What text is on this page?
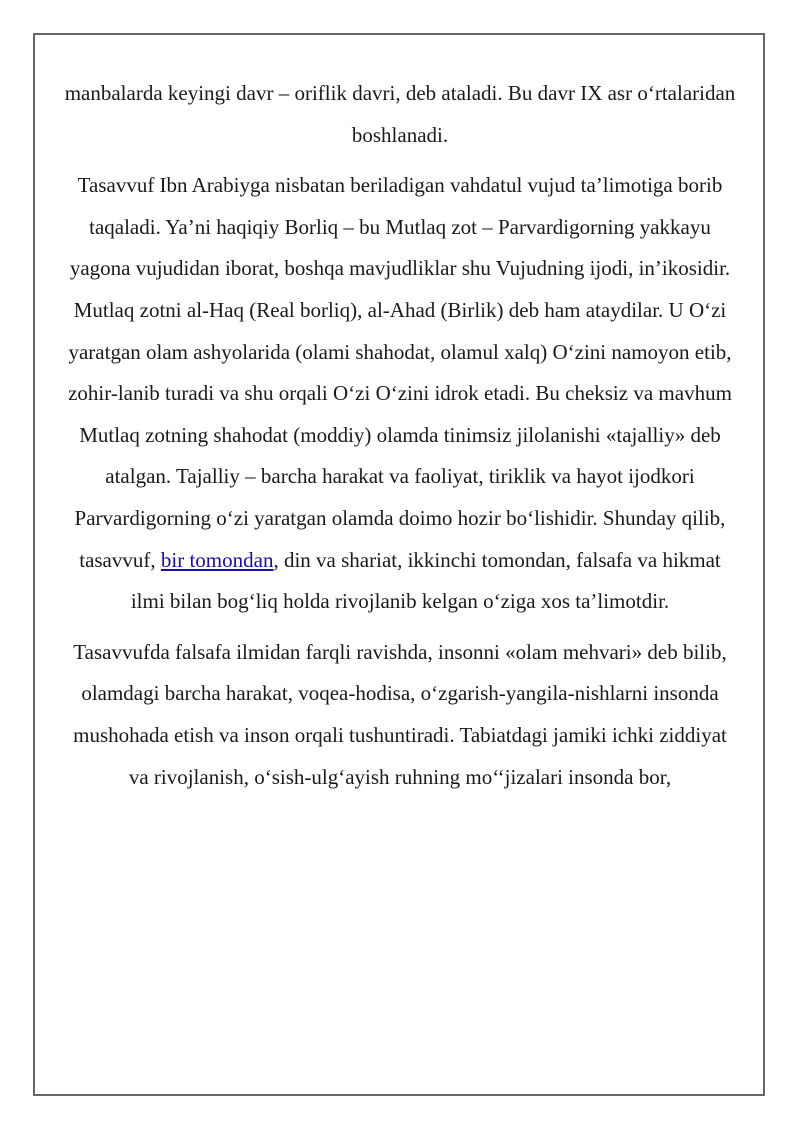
manbalarda keyingi davr – oriflik davri, deb ataladi. Bu davr IX asr o‘rtalaridan boshlanadi.

Tasavvuf Ibn Arabiyga nisbatan beriladigan vahdatul vujud ta’limotiga borib taqaladi. Ya’ni haqiqiy Borliq – bu Mutlaq zot – Parvardigorning yakkayu yagona vujudidan iborat, boshqa mavjudliklar shu Vujudning ijodi, in’ikosidir. Mutlaq zotni al-Haq (Real borliq), al-Ahad (Birlik) deb ham ataydilar. U O‘zi yaratgan olam ashyolarida (olami shahodat, olamul xalq) O‘zini namoyon etib, zohir-lanib turadi va shu orqali O‘zi O‘zini idrok etadi. Bu cheksiz va mavhum Mutlaq zotning shahodat (moddiy) olamda tinimsiz jilolanishi «tajalliy» deb atalgan. Tajalliy – barcha harakat va faoliyat, tiriklik va hayot ijodkori Parvardigorning o‘zi yaratgan olamda doimo hozir bo‘lishidir. Shunday qilib, tasavvuf, bir tomondan, din va shariat, ikkinchi tomondan, falsafa va hikmat ilmi bilan bog‘liq holda rivojlanib kelgan o‘ziga xos ta’limotdir.

Tasavvufda falsafa ilmidan farqli ravishda, insonni «olam mehvari» deb bilib, olamdagi barcha harakat, voqea-hodisa, o‘zgarish-yangila-nishlarni insonda mushohada etish va inson orqali tushuntiradi. Tabiatdagi jamiki ichki ziddiyat va rivojlanish, o‘sish-ulg‘ayish ruhning mo‘‘jizalari insonda bor,
